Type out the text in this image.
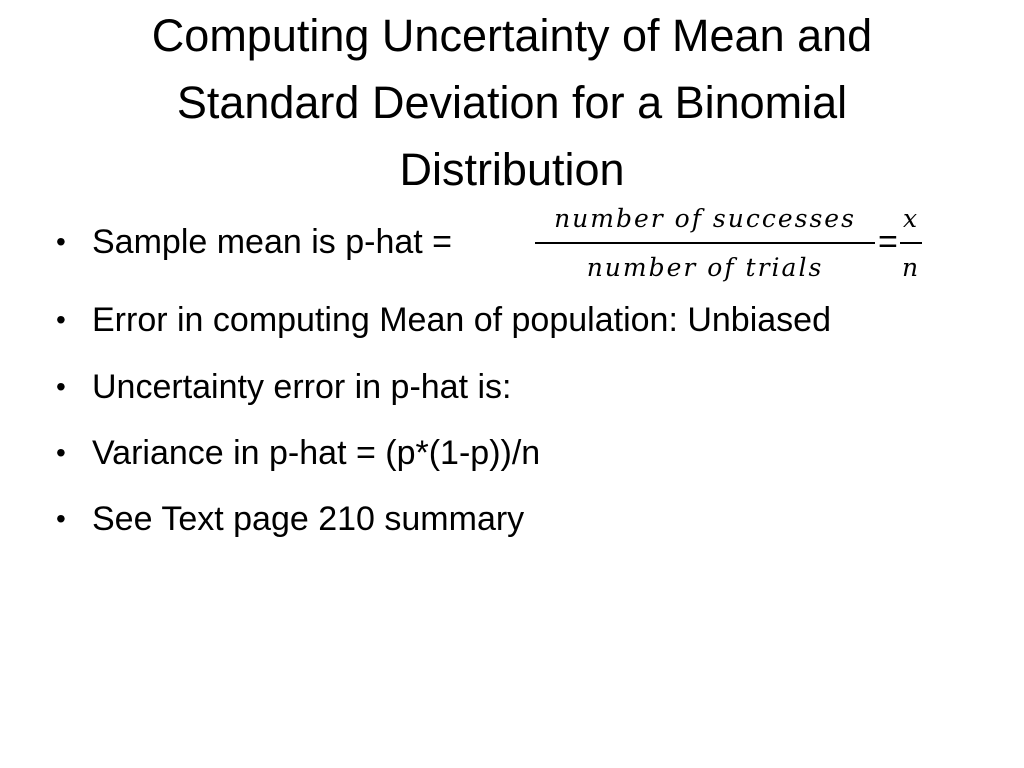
Computing Uncertainty of Mean and
Standard Deviation for a Binomial
Distribution
• Sample mean is p-hat =
number of successes
number of trials
=
x
n
• Error in computing Mean of population: Unbiased
• Uncertainty error in p-hat is:
• Variance in p-hat = (p*(1-p))/n
• See Text page 210 summary
